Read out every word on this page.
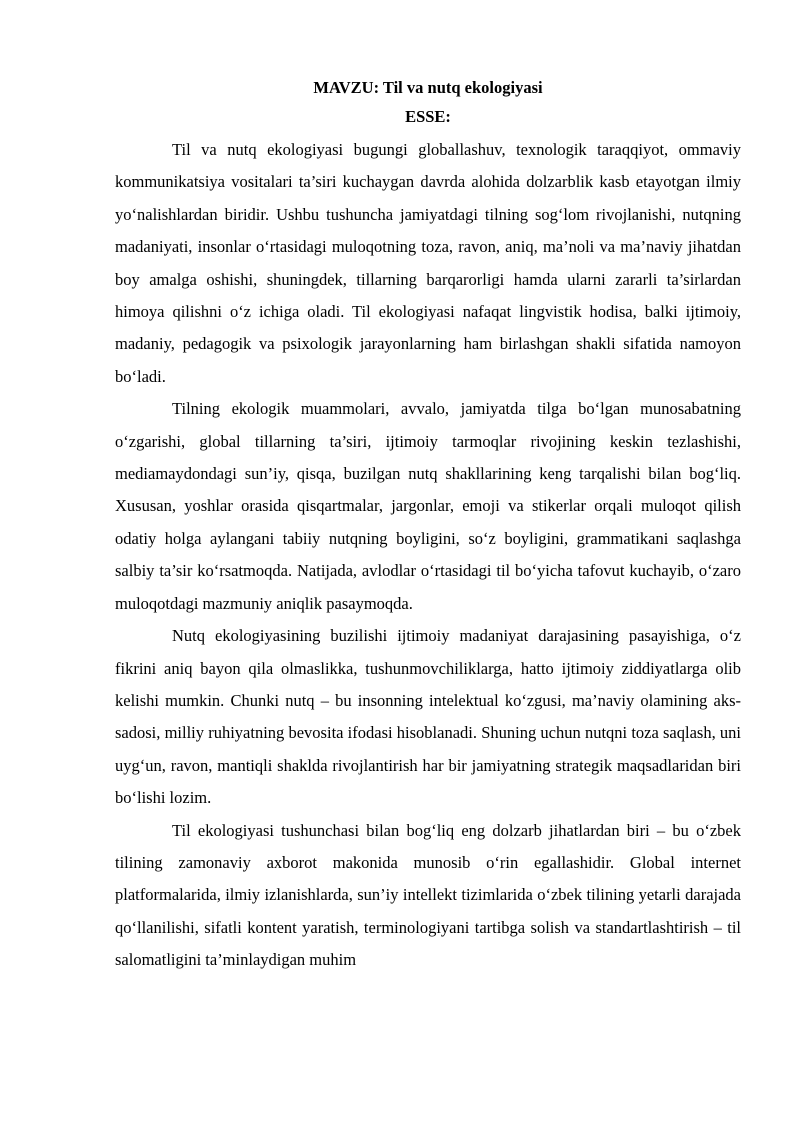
MAVZU: Til va nutq ekologiyasi

ESSE:

Til va nutq ekologiyasi bugungi globallashuv, texnologik taraqqiyot, ommaviy kommunikatsiya vositalari ta’siri kuchaygan davrda alohida dolzarblik kasb etayotgan ilmiy yo‘nalishlardan biridir. Ushbu tushuncha jamiyatdagi tilning sog‘lom rivojlanishi, nutqning madaniyati, insonlar o‘rtasidagi muloqotning toza, ravon, aniq, ma’noli va ma’naviy jihatdan boy amalga oshishi, shuningdek, tillarning barqarorligi hamda ularni zararli ta’sirlardan himoya qilishni o‘z ichiga oladi. Til ekologiyasi nafaqat lingvistik hodisa, balki ijtimoiy, madaniy, pedagogik va psixologik jarayonlarning ham birlashgan shakli sifatida namoyon bo‘ladi.

Tilning ekologik muammolari, avvalo, jamiyatda tilga bo‘lgan munosabatning o‘zgarishi, global tillarning ta’siri, ijtimoiy tarmoqlar rivojining keskin tezlashishi, mediamaydondagi sun’iy, qisqa, buzilgan nutq shakllarining keng tarqalishi bilan bog‘liq. Xususan, yoshlar orasida qisqartmalar, jargonlar, emoji va stikerlar orqali muloqot qilish odatiy holga aylangani tabiiy nutqning boyligini, so‘z boyligini, grammatikani saqlashga salbiy ta’sir ko‘rsatmoqda. Natijada, avlodlar o‘rtasidagi til bo‘yicha tafovut kuchayib, o‘zaro muloqotdagi mazmuniy aniqlik pasaymoqda.

Nutq ekologiyasining buzilishi ijtimoiy madaniyat darajasining pasayishiga, o‘z fikrini aniq bayon qila olmaslikka, tushunmovchiliklarga, hatto ijtimoiy ziddiyatlarga olib kelishi mumkin. Chunki nutq – bu insonning intelektual ko‘zgusi, ma’naviy olamining aks-sadosi, milliy ruhiyatning bevosita ifodasi hisoblanadi. Shuning uchun nutqni toza saqlash, uni uyg‘un, ravon, mantiqli shaklda rivojlantirish har bir jamiyatning strategik maqsadlaridan biri bo‘lishi lozim.

Til ekologiyasi tushunchasi bilan bog‘liq eng dolzarb jihatlardan biri – bu o‘zbek tilining zamonaviy axborot makonida munosib o‘rin egallashidir. Global internet platformalarida, ilmiy izlanishlarda, sun’iy intellekt tizimlarida o‘zbek tilining yetarli darajada qo‘llanilishi, sifatli kontent yaratish, terminologiyani tartibga solish va standartlashtirish – til salomatligini ta’minlaydigan muhim
